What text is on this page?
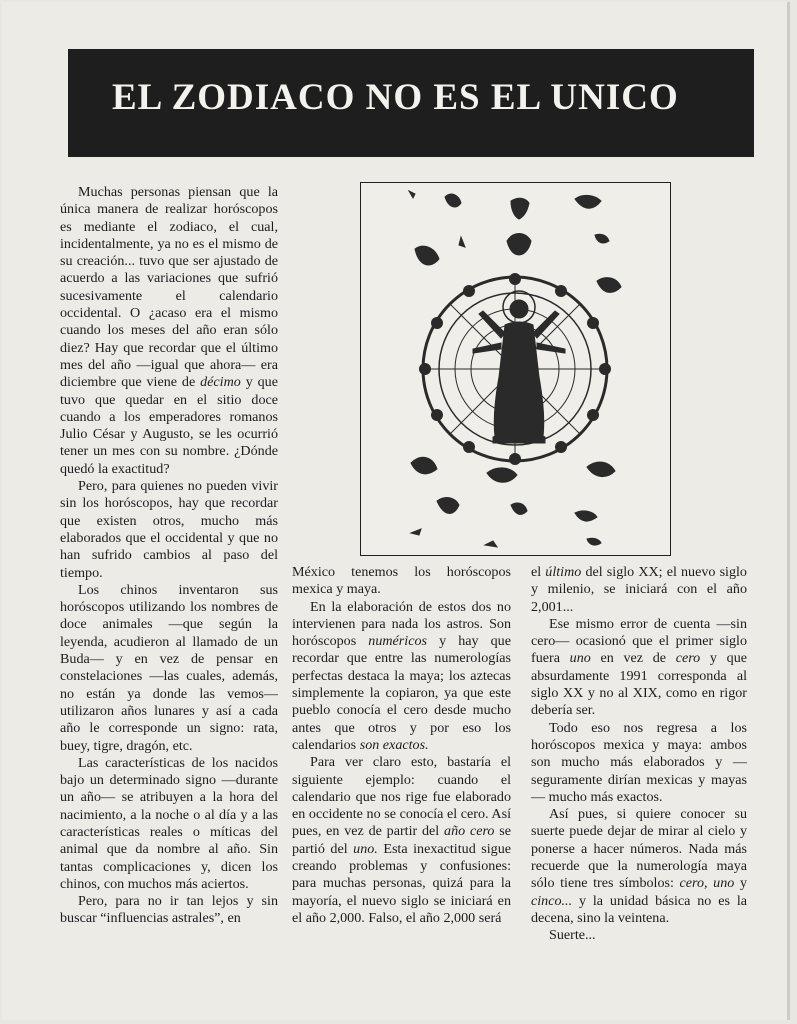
EL ZODIACO NO ES EL UNICO

Muchas personas piensan que la única manera de realizar horóscopos es mediante el zodiaco, el cual, incidentalmente, ya no es el mismo de su creación... tuvo que ser ajustado de acuerdo a las variaciones que sufrió sucesivamente el calendario occidental. O ¿acaso era el mismo cuando los meses del año eran sólo diez? Hay que recordar que el último mes del año —igual que ahora— era diciembre que viene de décimo y que tuvo que quedar en el sitio doce cuando a los emperadores romanos Julio César y Augusto, se les ocurrió tener un mes con su nombre. ¿Dónde quedó la exactitud?

Pero, para quienes no pueden vivir sin los horóscopos, hay que recordar que existen otros, mucho más elaborados que el occidental y que no han sufrido cambios al paso del tiempo.

Los chinos inventaron sus horóscopos utilizando los nombres de doce animales —que según la leyenda, acudieron al llamado de un Buda— y en vez de pensar en constelaciones —las cuales, además, no están ya donde las vemos— utilizaron años lunares y así a cada año le corresponde un signo: rata, buey, tigre, dragón, etc.

Las características de los nacidos bajo un determinado signo —durante un año— se atribuyen a la hora del nacimiento, a la noche o al día y a las características reales o míticas del animal que da nombre al año. Sin tantas complicaciones y, dicen los chinos, con muchos más aciertos.

Pero, para no ir tan lejos y sin buscar “influencias astrales”, en

México tenemos los horóscopos mexica y maya.

En la elaboración de estos dos no intervienen para nada los astros. Son horóscopos numéricos y hay que recordar que entre las numerologías perfectas destaca la maya; los aztecas simplemente la copiaron, ya que este pueblo conocía el cero desde mucho antes que otros y por eso los calendarios son exactos.

Para ver claro esto, bastaría el siguiente ejemplo: cuando el calendario que nos rige fue elaborado en occidente no se conocía el cero. Así pues, en vez de partir del año cero se partió del uno. Esta inexactitud sigue creando problemas y confusiones: para muchas personas, quizá para la mayoría, el nuevo siglo se iniciará en el año 2,000. Falso, el año 2,000 será

el último del siglo XX; el nuevo siglo y milenio, se iniciará con el año 2,001...

Ese mismo error de cuenta —sin cero— ocasionó que el primer siglo fuera uno en vez de cero y que absurdamente 1991 corresponda al siglo XX y no al XIX, como en rigor debería ser.

Todo eso nos regresa a los horóscopos mexica y maya: ambos son mucho más elaborados y —seguramente dirían mexicas y mayas— mucho más exactos.

Así pues, si quiere conocer su suerte puede dejar de mirar al cielo y ponerse a hacer números. Nada más recuerde que la numerología maya sólo tiene tres símbolos: cero, uno y cinco... y la unidad básica no es la decena, sino la veintena.

Suerte...
